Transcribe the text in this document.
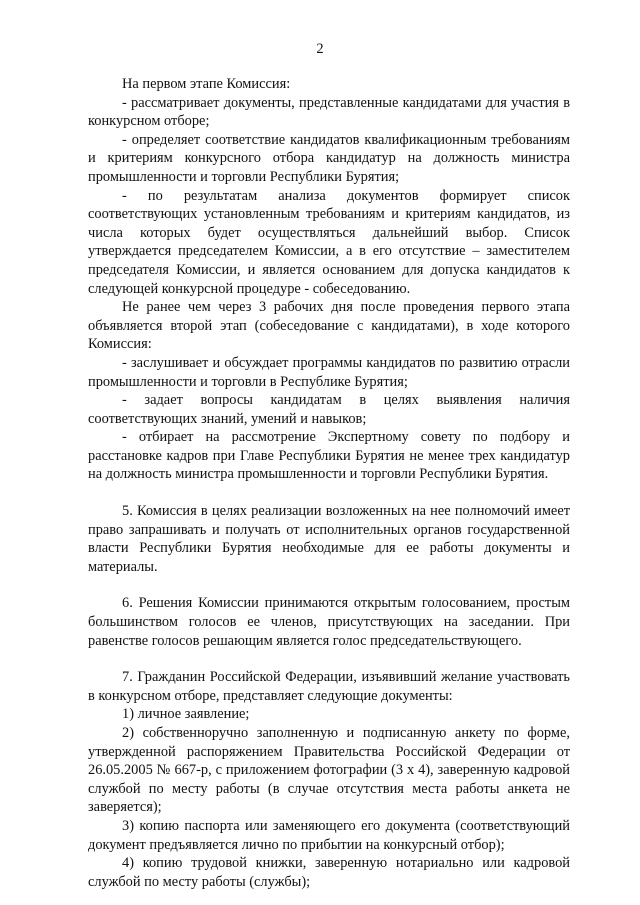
2

На первом этапе Комиссия:

- рассматривает документы, представленные кандидатами для участия в конкурсном отборе;

- определяет соответствие кандидатов квалификационным требованиям и критериям конкурсного отбора кандидатур на должность министра промышленности и торговли Республики Бурятия;

- по результатам анализа документов формирует список соответствующих установленным требованиям и критериям кандидатов, из числа которых будет осуществляться дальнейший выбор. Список утверждается председателем Комиссии, а в его отсутствие – заместителем председателя Комиссии, и является основанием для допуска кандидатов к следующей конкурсной процедуре - собеседованию.

Не ранее чем через 3 рабочих дня после проведения первого этапа объявляется второй этап (собеседование с кандидатами), в ходе которого Комиссия:

- заслушивает и обсуждает программы кандидатов по развитию отрасли промышленности и торговли в Республике Бурятия;

- задает вопросы кандидатам в целях выявления наличия соответствующих знаний, умений и навыков;

- отбирает на рассмотрение Экспертному совету по подбору и расстановке кадров при Главе Республики Бурятия не менее трех кандидатур на должность министра промышленности и торговли Республики Бурятия.

5. Комиссия в целях реализации возложенных на нее полномочий имеет право запрашивать и получать от исполнительных органов государственной власти Республики Бурятия необходимые для ее работы документы и материалы.

6. Решения Комиссии принимаются открытым голосованием, простым большинством голосов ее членов, присутствующих на заседании. При равенстве голосов решающим является голос председательствующего.

7. Гражданин Российской Федерации, изъявивший желание участвовать в конкурсном отборе, представляет следующие документы:

1) личное заявление;

2) собственноручно заполненную и подписанную анкету по форме, утвержденной распоряжением Правительства Российской Федерации от 26.05.2005 № 667-р, с приложением фотографии (3 х 4), заверенную кадровой службой по месту работы (в случае отсутствия места работы анкета не заверяется);

3) копию паспорта или заменяющего его документа (соответствующий документ предъявляется лично по прибытии на конкурсный отбор);

4) копию трудовой книжки, заверенную нотариально или кадровой службой по месту работы (службы);
